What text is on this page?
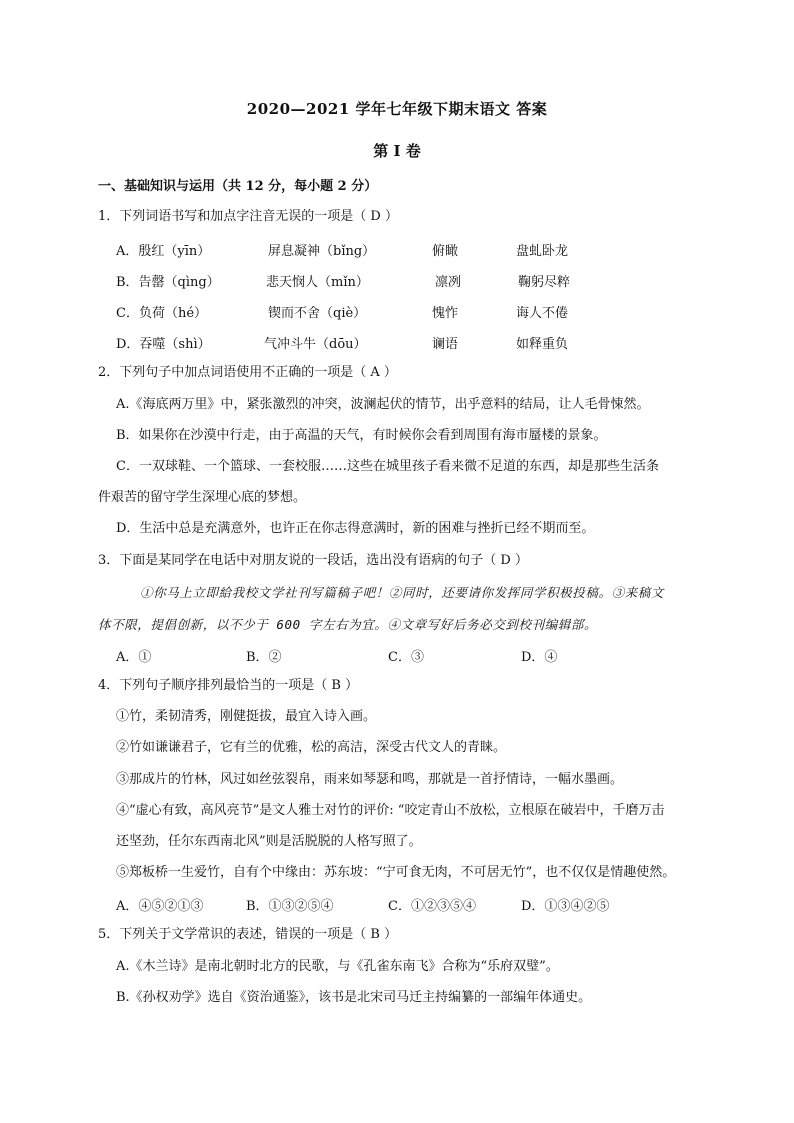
2020—2021 学年七年级下期末语文 答案
第 I 卷
一、基础知识与运用（共 12 分，每小题 2 分）
1．下列词语书写和加点字注音无误的一项是（ D ）
A．殷红（yīn）	屏息凝神（bǐng）	俯瞰	盘虬卧龙
B．告罄（qìng）	悲天悯人（mǐn）	凛冽	鞠躬尽粹
C．负荷（hé）	锲而不舍（qiè）	愧怍	诲人不倦
D．吞噬（shì）	气冲斗牛（dōu）	谰语	如释重负
2．下列句子中加点词语使用不正确的一项是（ A ）
A.《海底两万里》中，紧张激烈的冲突，波澜起伏的情节，出乎意料的结局，让人毛骨悚然。
B．如果你在沙漠中行走，由于高温的天气，有时候你会看到周围有海市蜃楼的景象。
C．一双球鞋、一个篮球、一套校服……这些在城里孩子看来微不足道的东西，却是那些生活条
件艰苦的留守学生深埋心底的梦想。
D．生活中总是充满意外，也许正在你志得意满时，新的困难与挫折已经不期而至。
3．下面是某同学在电话中对朋友说的一段话，选出没有语病的句子（ D ）
①你马上立即給我校文学社刊写篇稿子吧！②同时，还要请你发挥同学积极投稿。③来稿文
体不限，提倡创新，以不少于 600 字左右为宜。④文章写好后务必交到校刊编辑部。
A．①	B．②	C．③	D．④
4．下列句子顺序排列最恰当的一项是（ B ）
①竹，柔韧清秀，刚健挺拔，最宜入诗入画。
②竹如谦谦君子，它有兰的优雅，松的高洁，深受古代文人的青睐。
③那成片的竹林，风过如丝弦裂帛，雨来如琴瑟和鸣，那就是一首抒情诗，一幅水墨画。
④“虚心有致，高风亮节”是文人雅士对竹的评价: “咬定青山不放松，立根原在破岩中，千磨万击
还坚劲，任尔东西南北风”则是活脱脱的人格写照了。
⑤郑板桥一生爱竹，自有个中缘由：苏东坡：“宁可食无肉，不可居无竹”，也不仅仅是情趣使然。
A．④⑤②①③	B．①③②⑤④	C．①②③⑤④	D．①③④②⑤
5．下列关于文学常识的表述，错误的一项是（ B ）
A.《木兰诗》是南北朝时北方的民歌，与《孔雀东南飞》合称为“乐府双璧”。
B.《孙权劝学》选自《资治通鉴》，该书是北宋司马迁主持编纂的一部编年体通史。
